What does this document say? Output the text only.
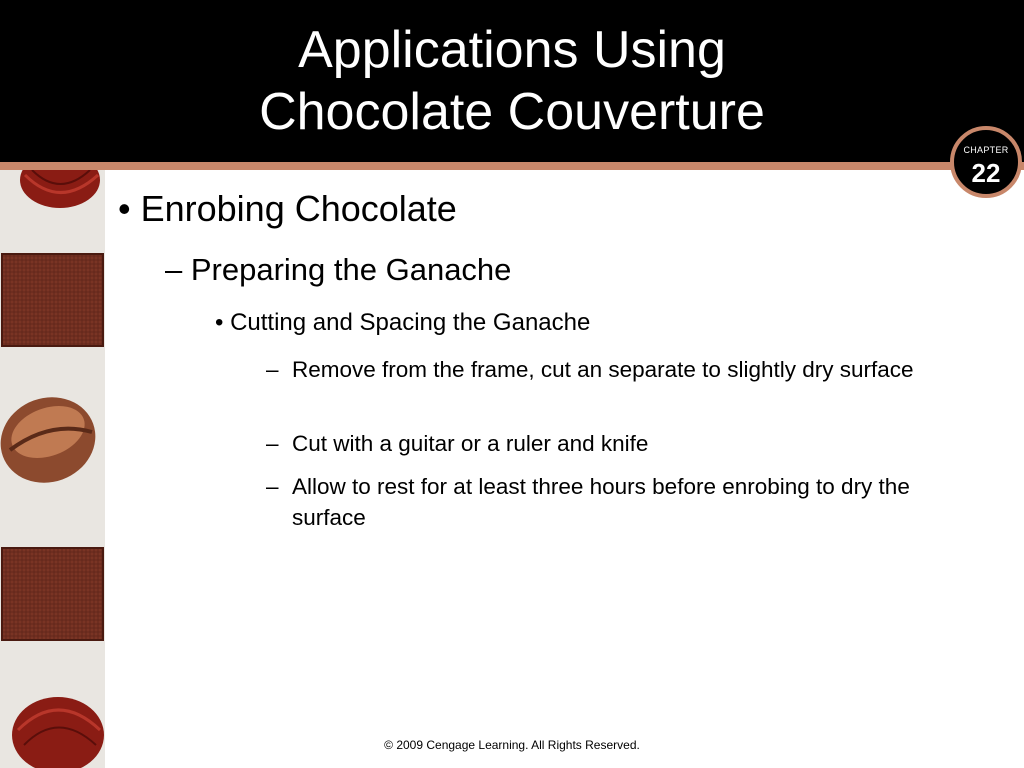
Applications Using
Chocolate Couverture
CHAPTER
22
• Enrobing Chocolate
– Preparing the Ganache
• Cutting and Spacing the Ganache
– Remove from the frame, cut an separate to slightly dry surface
– Cut with a guitar or a ruler and knife
– Allow to rest for at least three hours before enrobing to dry the surface
© 2009 Cengage Learning. All Rights Reserved.
